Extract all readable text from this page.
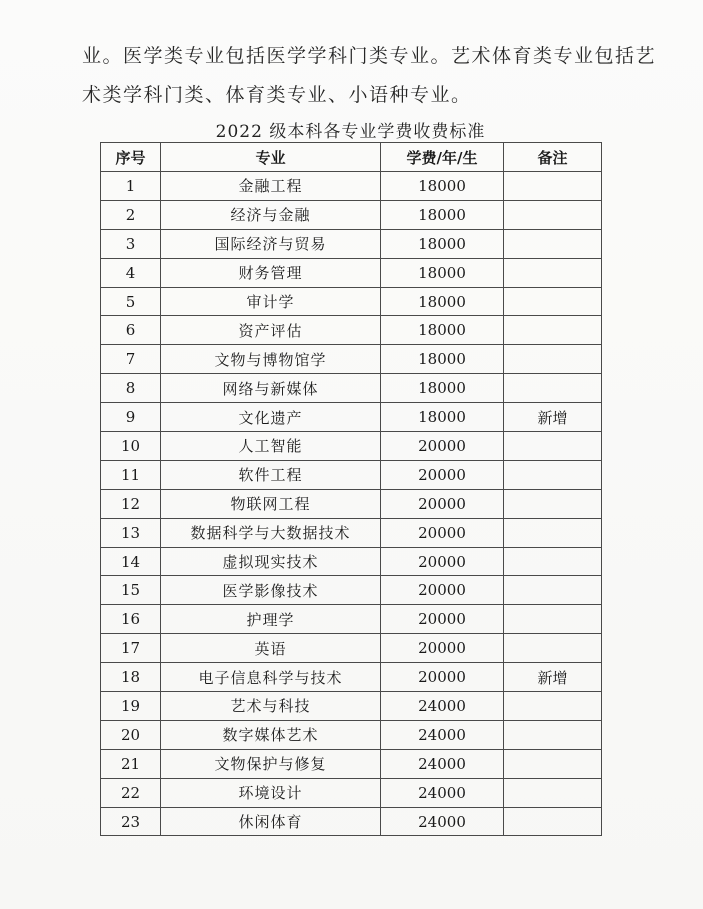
业。医学类专业包括医学学科门类专业。艺术体育类专业包括艺
术类学科门类、体育类专业、小语种专业。
2022 级本科各专业学费收费标准
序号	专业	学费/年/生	备注
1	金融工程	18000	
2	经济与金融	18000	
3	国际经济与贸易	18000	
4	财务管理	18000	
5	审计学	18000	
6	资产评估	18000	
7	文物与博物馆学	18000	
8	网络与新媒体	18000	
9	文化遗产	18000	新增
10	人工智能	20000	
11	软件工程	20000	
12	物联网工程	20000	
13	数据科学与大数据技术	20000	
14	虚拟现实技术	20000	
15	医学影像技术	20000	
16	护理学	20000	
17	英语	20000	
18	电子信息科学与技术	20000	新增
19	艺术与科技	24000	
20	数字媒体艺术	24000	
21	文物保护与修复	24000	
22	环境设计	24000	
23	休闲体育	24000	
